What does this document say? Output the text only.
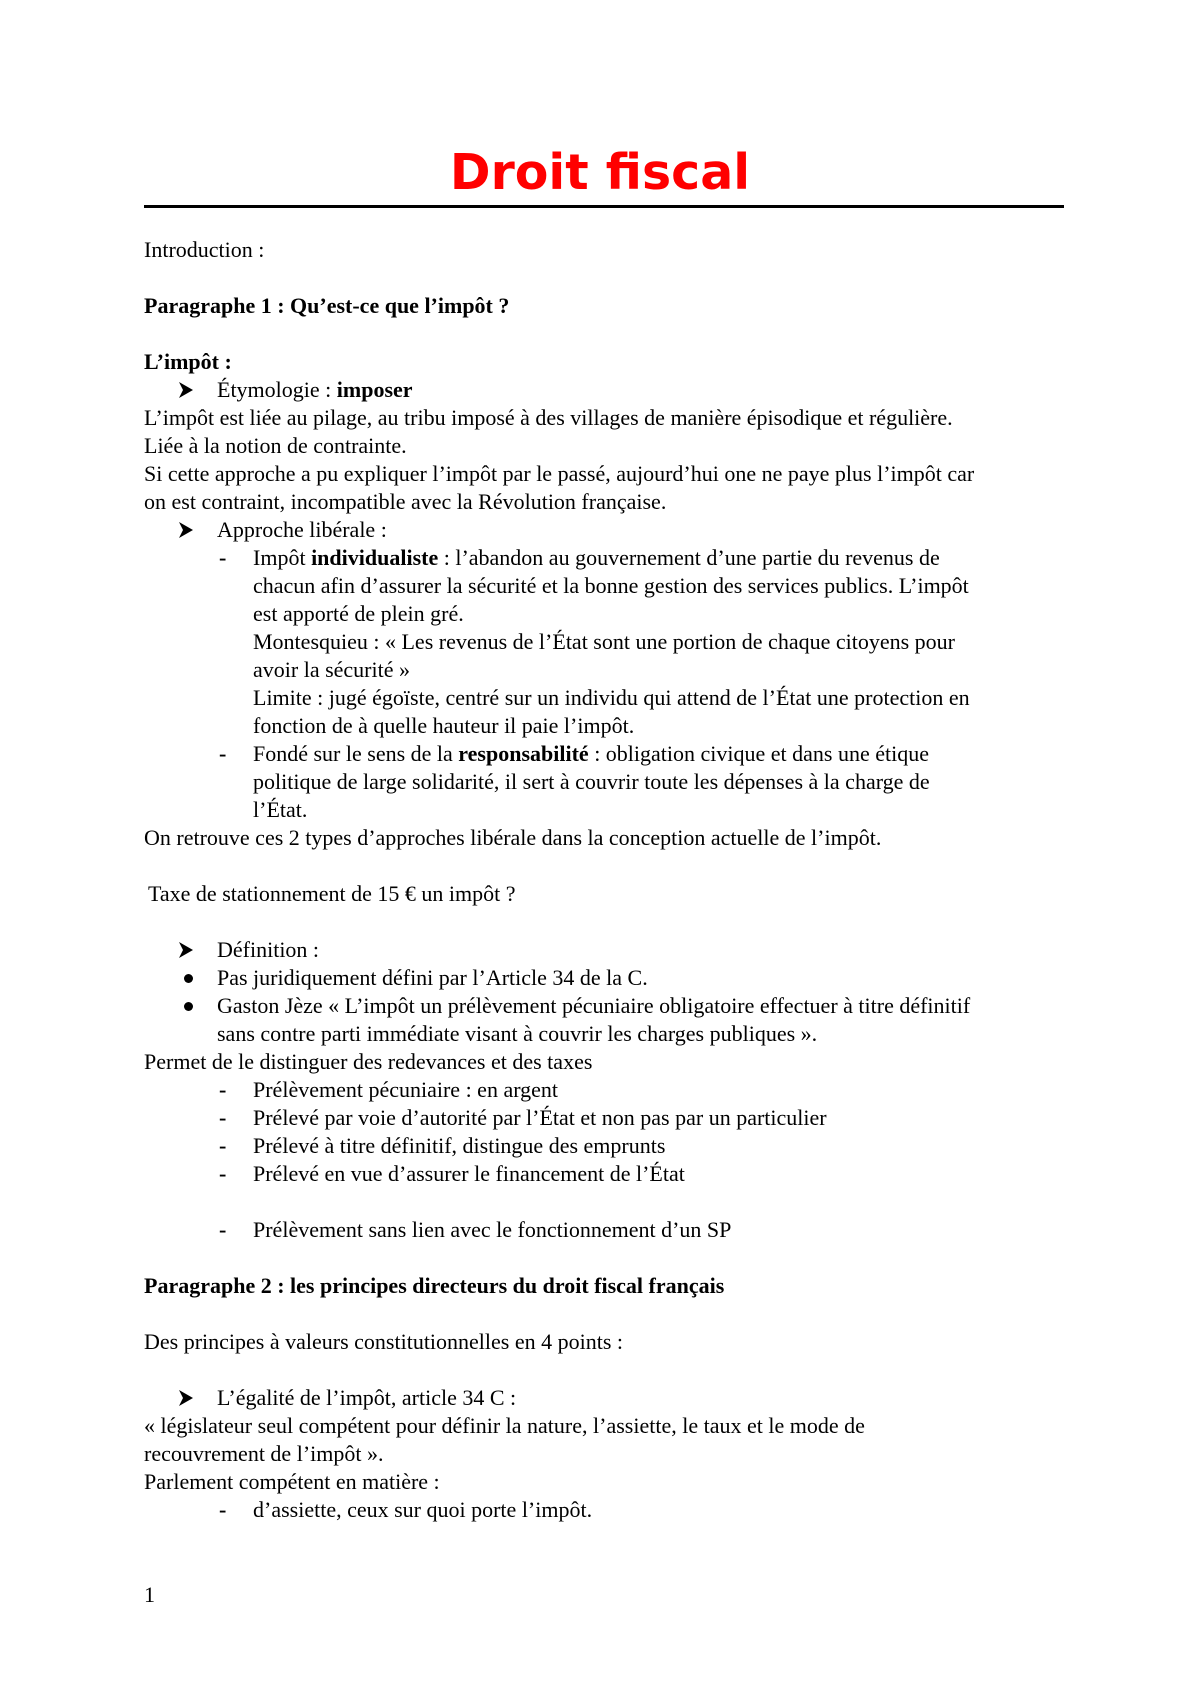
Droit fiscal
Introduction :
Paragraphe 1 : Qu’est-ce que l’impôt ?
L’impôt :
Étymologie : imposer
L’impôt est liée au pilage, au tribu imposé à des villages de manière épisodique et régulière.
Liée à la notion de contrainte.
Si cette approche a pu expliquer l’impôt par le passé, aujourd’hui one ne paye plus l’impôt car
on est contraint, incompatible avec la Révolution française.
Approche libérale :
- Impôt individualiste : l’abandon au gouvernement d’une partie du revenus de
chacun afin d’assurer la sécurité et la bonne gestion des services publics. L’impôt
est apporté de plein gré.
Montesquieu : « Les revenus de l’État sont une portion de chaque citoyens pour
avoir la sécurité »
Limite : jugé égoïste, centré sur un individu qui attend de l’État une protection en
fonction de à quelle hauteur il paie l’impôt.
- Fondé sur le sens de la responsabilité : obligation civique et dans une étique
politique de large solidarité, il sert à couvrir toute les dépenses à la charge de
l’État.
On retrouve ces 2 types d’approches libérale dans la conception actuelle de l’impôt.
Taxe de stationnement de 15 € un impôt ?
Définition :
Pas juridiquement défini par l’Article 34 de la C.
Gaston Jèze « L’impôt un prélèvement pécuniaire obligatoire effectuer à titre définitif
sans contre parti immédiate visant à couvrir les charges publiques ».
Permet de le distinguer des redevances et des taxes
- Prélèvement pécuniaire : en argent
- Prélevé par voie d’autorité par l’État et non pas par un particulier
- Prélevé à titre définitif, distingue des emprunts
- Prélevé en vue d’assurer le financement de l’État
- Prélèvement sans lien avec le fonctionnement d’un SP
Paragraphe 2 : les principes directeurs du droit fiscal français
Des principes à valeurs constitutionnelles en 4 points :
L’égalité de l’impôt, article 34 C :
« législateur seul compétent pour définir la nature, l’assiette, le taux et le mode de
recouvrement de l’impôt ».
Parlement compétent en matière :
- d’assiette, ceux sur quoi porte l’impôt.
1
